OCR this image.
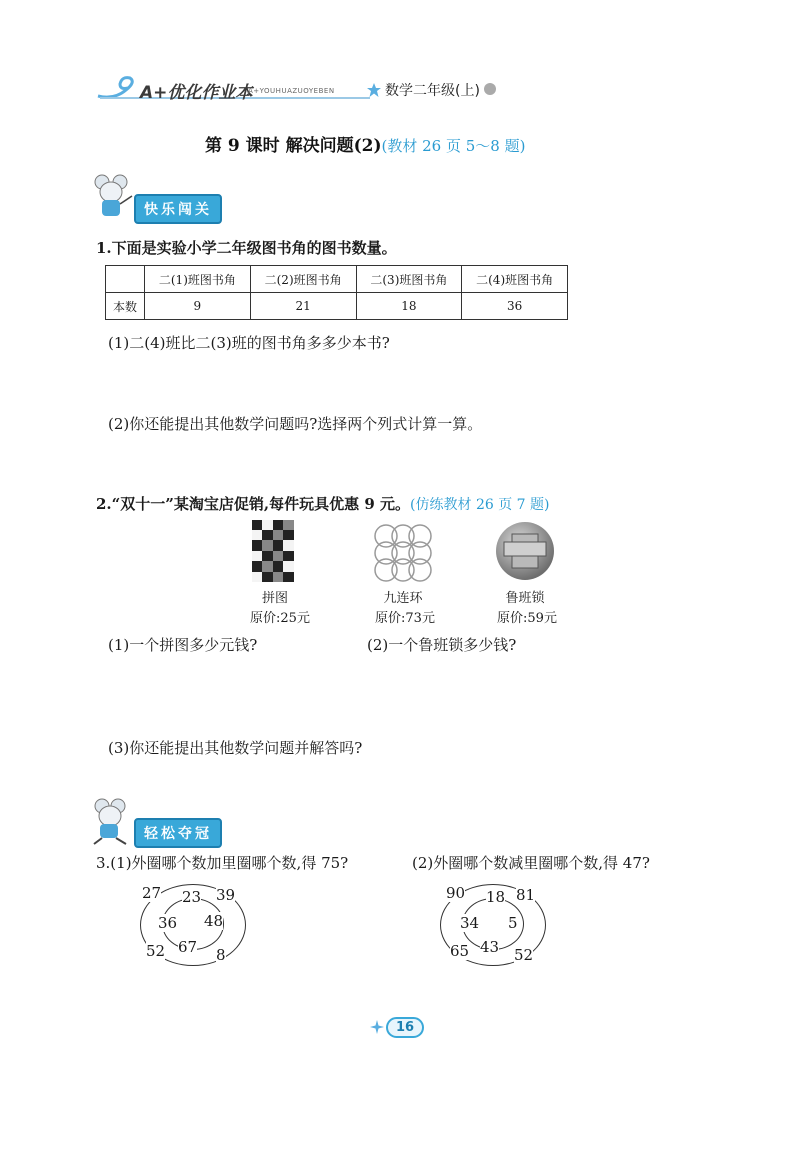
A+优化作业本
A+YOUHUAZUOYEBEN	数学二年级(上)
第 9 课时 解决问题(2)(教材 26 页 5～8 题)
快乐闯关
1.下面是实验小学二年级图书角的图书数量。
	二(1)班图书角	二(2)班图书角	二(3)班图书角	二(4)班图书角
本数	9	21	18	36
(1)二(4)班比二(3)班的图书角多多少本书?
(2)你还能提出其他数学问题吗?选择两个列式计算一算。
2.“双十一”某淘宝店促销,每件玩具优惠 9 元。(仿练教材 26 页 7 题)
拼图	九连环	鲁班锁
原价:25元	原价:73元	原价:59元
(1)一个拼图多少元钱?	(2)一个鲁班锁多少钱?
(3)你还能提出其他数学问题并解答吗?
轻松夺冠
3.(1)外圈哪个数加里圈哪个数,得 75?	(2)外圈哪个数减里圈哪个数,得 47?
27	39
52	8
23
36 48
67
90	81
65	52
18
34 5
43
16
